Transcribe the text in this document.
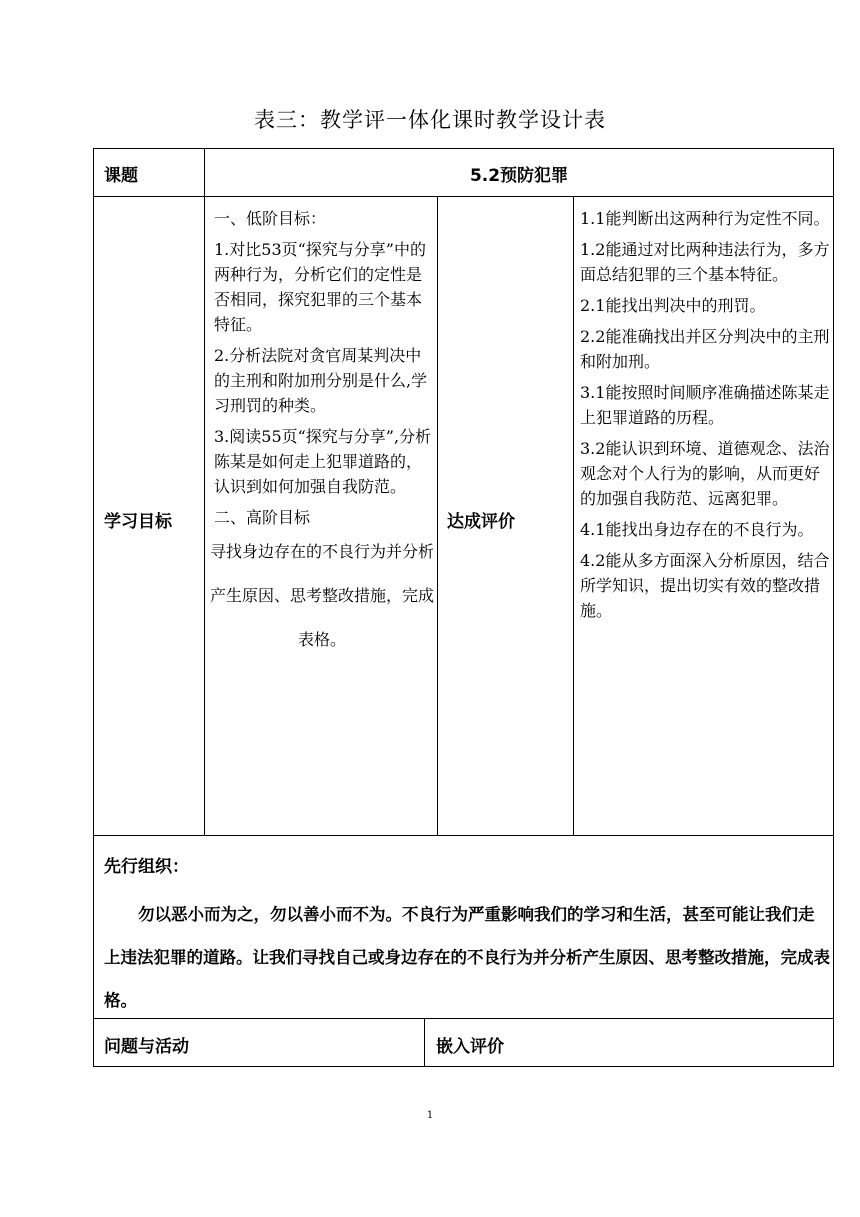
表三：教学评一体化课时教学设计表
课题	5.2预防犯罪
学习目标

一、低阶目标：

1.对比53页“探究与分享”中的两种行为，分析它们的定性是否相同，探究犯罪的三个基本特征。

2.分析法院对贪官周某判决中的主刑和附加刑分别是什么,学习刑罚的种类。

3.阅读55页“探究与分享”,分析陈某是如何走上犯罪道路的，认识到如何加强自我防范。

二、高阶目标

寻找身边存在的不良行为并分析产生原因、思考整改措施，完成表格。

达成评价

1.1能判断出这两种行为定性不同。

1.2能通过对比两种违法行为，多方面总结犯罪的三个基本特征。

2.1能找出判决中的刑罚。

2.2能准确找出并区分判决中的主刑和附加刑。

3.1能按照时间顺序准确描述陈某走上犯罪道路的历程。

3.2能认识到环境、道德观念、法治观念对个人行为的影响，从而更好的加强自我防范、远离犯罪。

4.1能找出身边存在的不良行为。

4.2能从多方面深入分析原因，结合所学知识，提出切实有效的整改措施。

先行组织：
勿以恶小而为之，勿以善小而不为。不良行为严重影响我们的学习和生活，甚至可能让我们走上违法犯罪的道路。让我们寻找自己或身边存在的不良行为并分析产生原因、思考整改措施，完成表格。
问题与活动	嵌入评价
1
